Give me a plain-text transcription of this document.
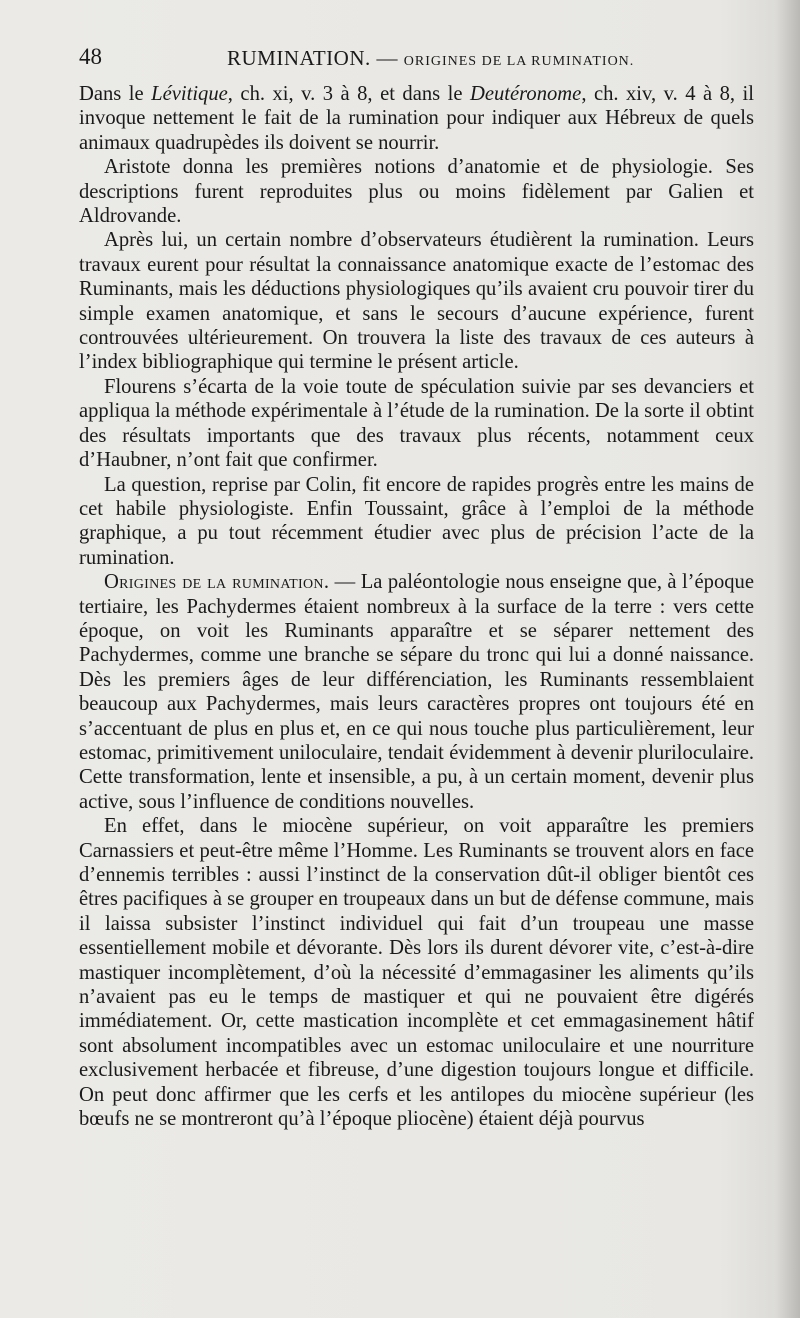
48	RUMINATION. — ORIGINES DE LA RUMINATION.

Dans le Lévitique, ch. xi, v. 3 à 8, et dans le Deutéronome, ch. xiv, v. 4 à 8, il invoque nettement le fait de la rumination pour indiquer aux Hébreux de quels animaux quadrupèdes ils doivent se nourrir.

Aristote donna les premières notions d’anatomie et de physiologie. Ses descriptions furent reproduites plus ou moins fidèlement par Galien et Aldrovande.

Après lui, un certain nombre d’observateurs étudièrent la rumination. Leurs travaux eurent pour résultat la connaissance anatomique exacte de l’estomac des Ruminants, mais les déductions physiologiques qu’ils avaient cru pouvoir tirer du simple examen anatomique, et sans le secours d’aucune expérience, furent controuvées ultérieurement. On trouvera la liste des travaux de ces auteurs à l’index bibliographique qui termine le présent article.

Flourens s’écarta de la voie toute de spéculation suivie par ses devanciers et appliqua la méthode expérimentale à l’étude de la rumination. De la sorte il obtint des résultats importants que des travaux plus récents, notamment ceux d’Haubner, n’ont fait que confirmer.

La question, reprise par Colin, fit encore de rapides progrès entre les mains de cet habile physiologiste. Enfin Toussaint, grâce à l’emploi de la méthode graphique, a pu tout récemment étudier avec plus de précision l’acte de la rumination.

Origines de la rumination. — La paléontologie nous enseigne que, à l’époque tertiaire, les Pachydermes étaient nombreux à la surface de la terre : vers cette époque, on voit les Ruminants apparaître et se séparer nettement des Pachydermes, comme une branche se sépare du tronc qui lui a donné naissance. Dès les premiers âges de leur différenciation, les Ruminants ressemblaient beaucoup aux Pachydermes, mais leurs caractères propres ont toujours été en s’accentuant de plus en plus et, en ce qui nous touche plus particulièrement, leur estomac, primitivement uniloculaire, tendait évidemment à devenir pluriloculaire. Cette transformation, lente et insensible, a pu, à un certain moment, devenir plus active, sous l’influence de conditions nouvelles.

En effet, dans le miocène supérieur, on voit apparaître les premiers Carnassiers et peut-être même l’Homme. Les Ruminants se trouvent alors en face d’ennemis terribles : aussi l’instinct de la conservation dût-il obliger bientôt ces êtres pacifiques à se grouper en troupeaux dans un but de défense commune, mais il laissa subsister l’instinct individuel qui fait d’un troupeau une masse essentiellement mobile et dévorante. Dès lors ils durent dévorer vite, c’est-à-dire mastiquer incomplètement, d’où la nécessité d’emmagasiner les aliments qu’ils n’avaient pas eu le temps de mastiquer et qui ne pouvaient être digérés immédiatement. Or, cette mastication incomplète et cet emmagasinement hâtif sont absolument incompatibles avec un estomac uniloculaire et une nourriture exclusivement herbacée et fibreuse, d’une digestion toujours longue et difficile. On peut donc affirmer que les cerfs et les antilopes du miocène supérieur (les bœufs ne se montreront qu’à l’époque pliocène) étaient déjà pourvus
